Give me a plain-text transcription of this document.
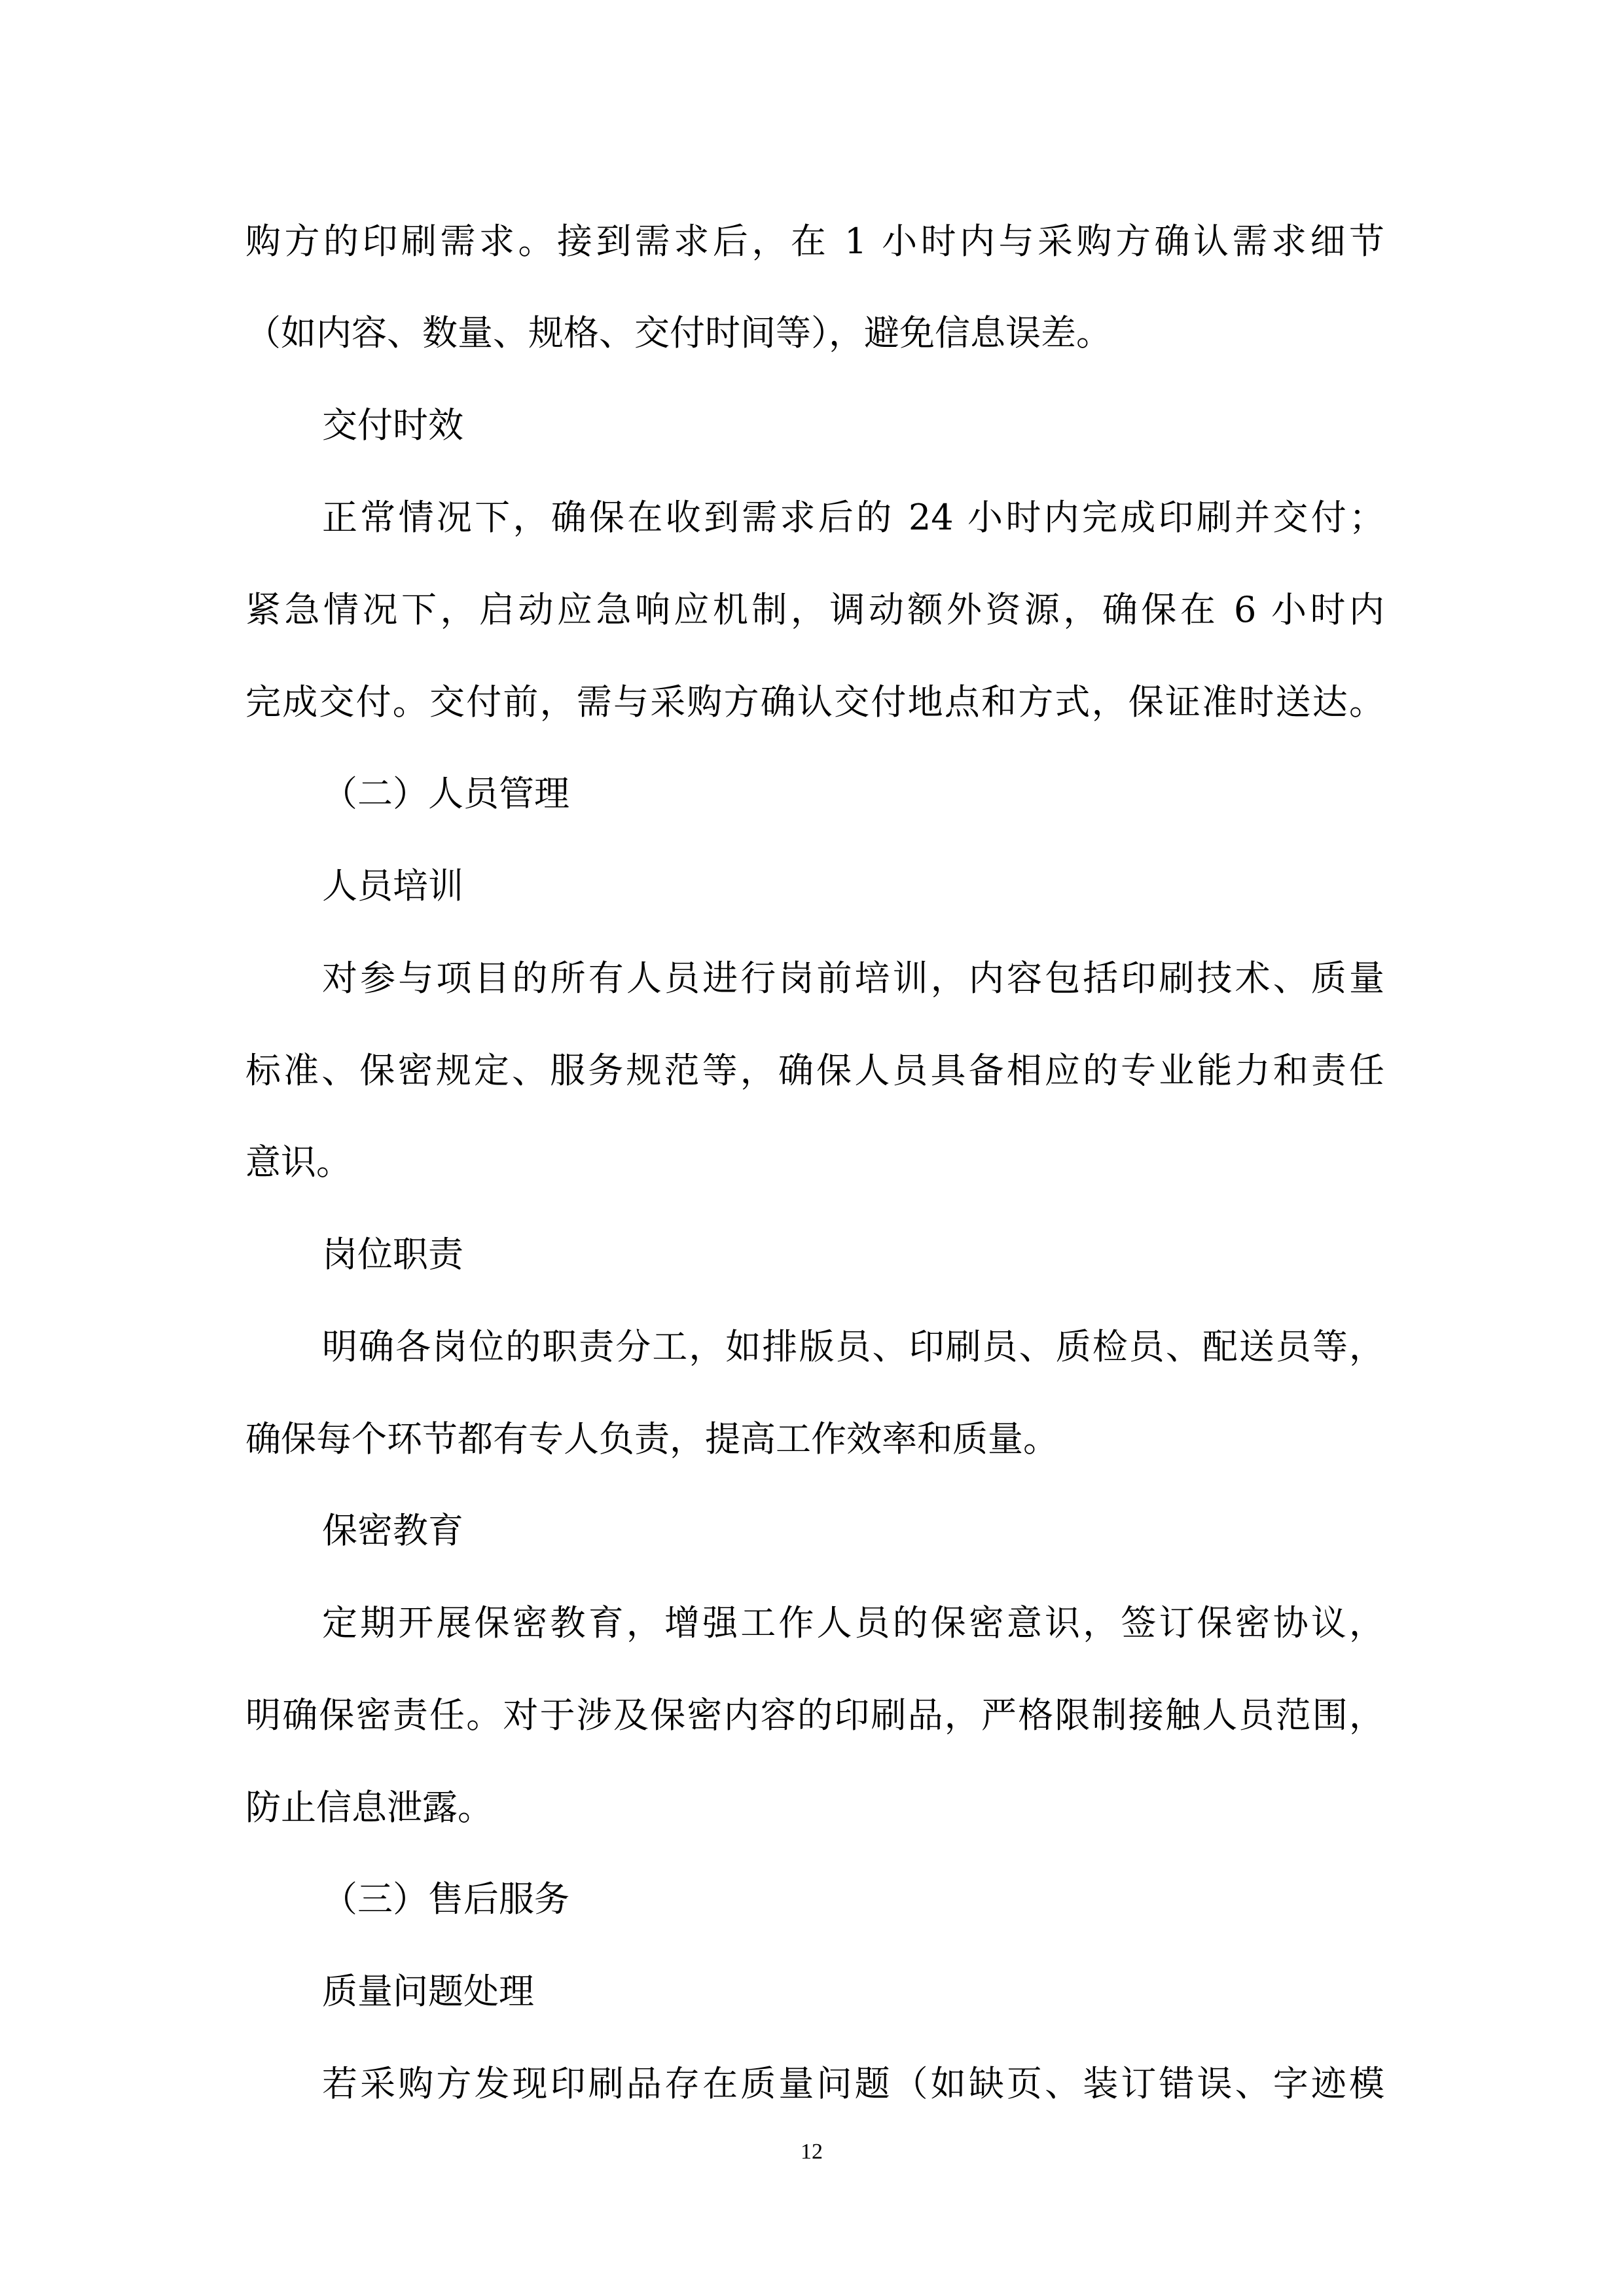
购方的印刷需求。接到需求后，在 1 小时内与采购方确认需求细节
（如内容、数量、规格、交付时间等），避免信息误差。
交付时效
正常情况下，确保在收到需求后的 24 小时内完成印刷并交付；
紧急情况下，启动应急响应机制，调动额外资源，确保在 6 小时内
完成交付。交付前，需与采购方确认交付地点和方式，保证准时送达。
（二）人员管理
人员培训
对参与项目的所有人员进行岗前培训，内容包括印刷技术、质量
标准、保密规定、服务规范等，确保人员具备相应的专业能力和责任
意识。
岗位职责
明确各岗位的职责分工，如排版员、印刷员、质检员、配送员等，
确保每个环节都有专人负责，提高工作效率和质量。
保密教育
定期开展保密教育，增强工作人员的保密意识，签订保密协议，
明确保密责任。对于涉及保密内容的印刷品，严格限制接触人员范围，
防止信息泄露。
（三）售后服务
质量问题处理
若采购方发现印刷品存在质量问题（如缺页、装订错误、字迹模
12
